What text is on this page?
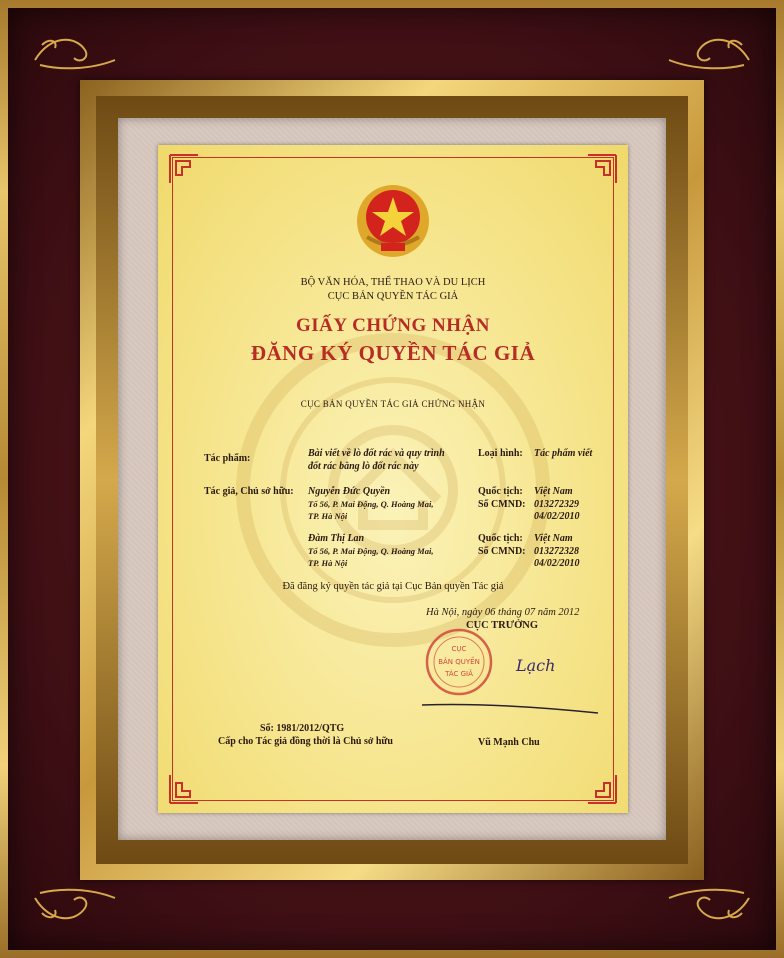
BỘ VĂN HÓA, THỂ THAO VÀ DU LỊCH
CỤC BẢN QUYỀN TÁC GIẢ
GIẤY CHỨNG NHẬN
ĐĂNG KÝ QUYỀN TÁC GIẢ
CỤC BẢN QUYỀN TÁC GIẢ CHỨNG NHẬN
Tác phẩm:	Bài viết về lò đốt rác và quy trình
đốt rác bằng lò đốt rác này
Loại hình: Tác phẩm viết
Tác giả, Chủ sở hữu: Nguyễn Đức Quyền
Tổ 56, P. Mai Động, Q. Hoàng Mai,
TP. Hà Nội
Quốc tịch: Việt Nam
Số CMND: 013272329
04/02/2010
Đàm Thị Lan
Tổ 56, P. Mai Động, Q. Hoàng Mai,
TP. Hà Nội
Quốc tịch: Việt Nam
Số CMND: 013272328
04/02/2010
Đã đăng ký quyền tác giả tại Cục Bản quyền Tác giả
Hà Nội, ngày 06 tháng 07 năm 2012
CỤC TRƯỞNG
CỤC
BẢN QUYỀN
TÁC GIẢ	Lạch
Số: 1981/2012/QTG
Cấp cho Tác giả đồng thời là Chủ sở hữu	Vũ Mạnh Chu
